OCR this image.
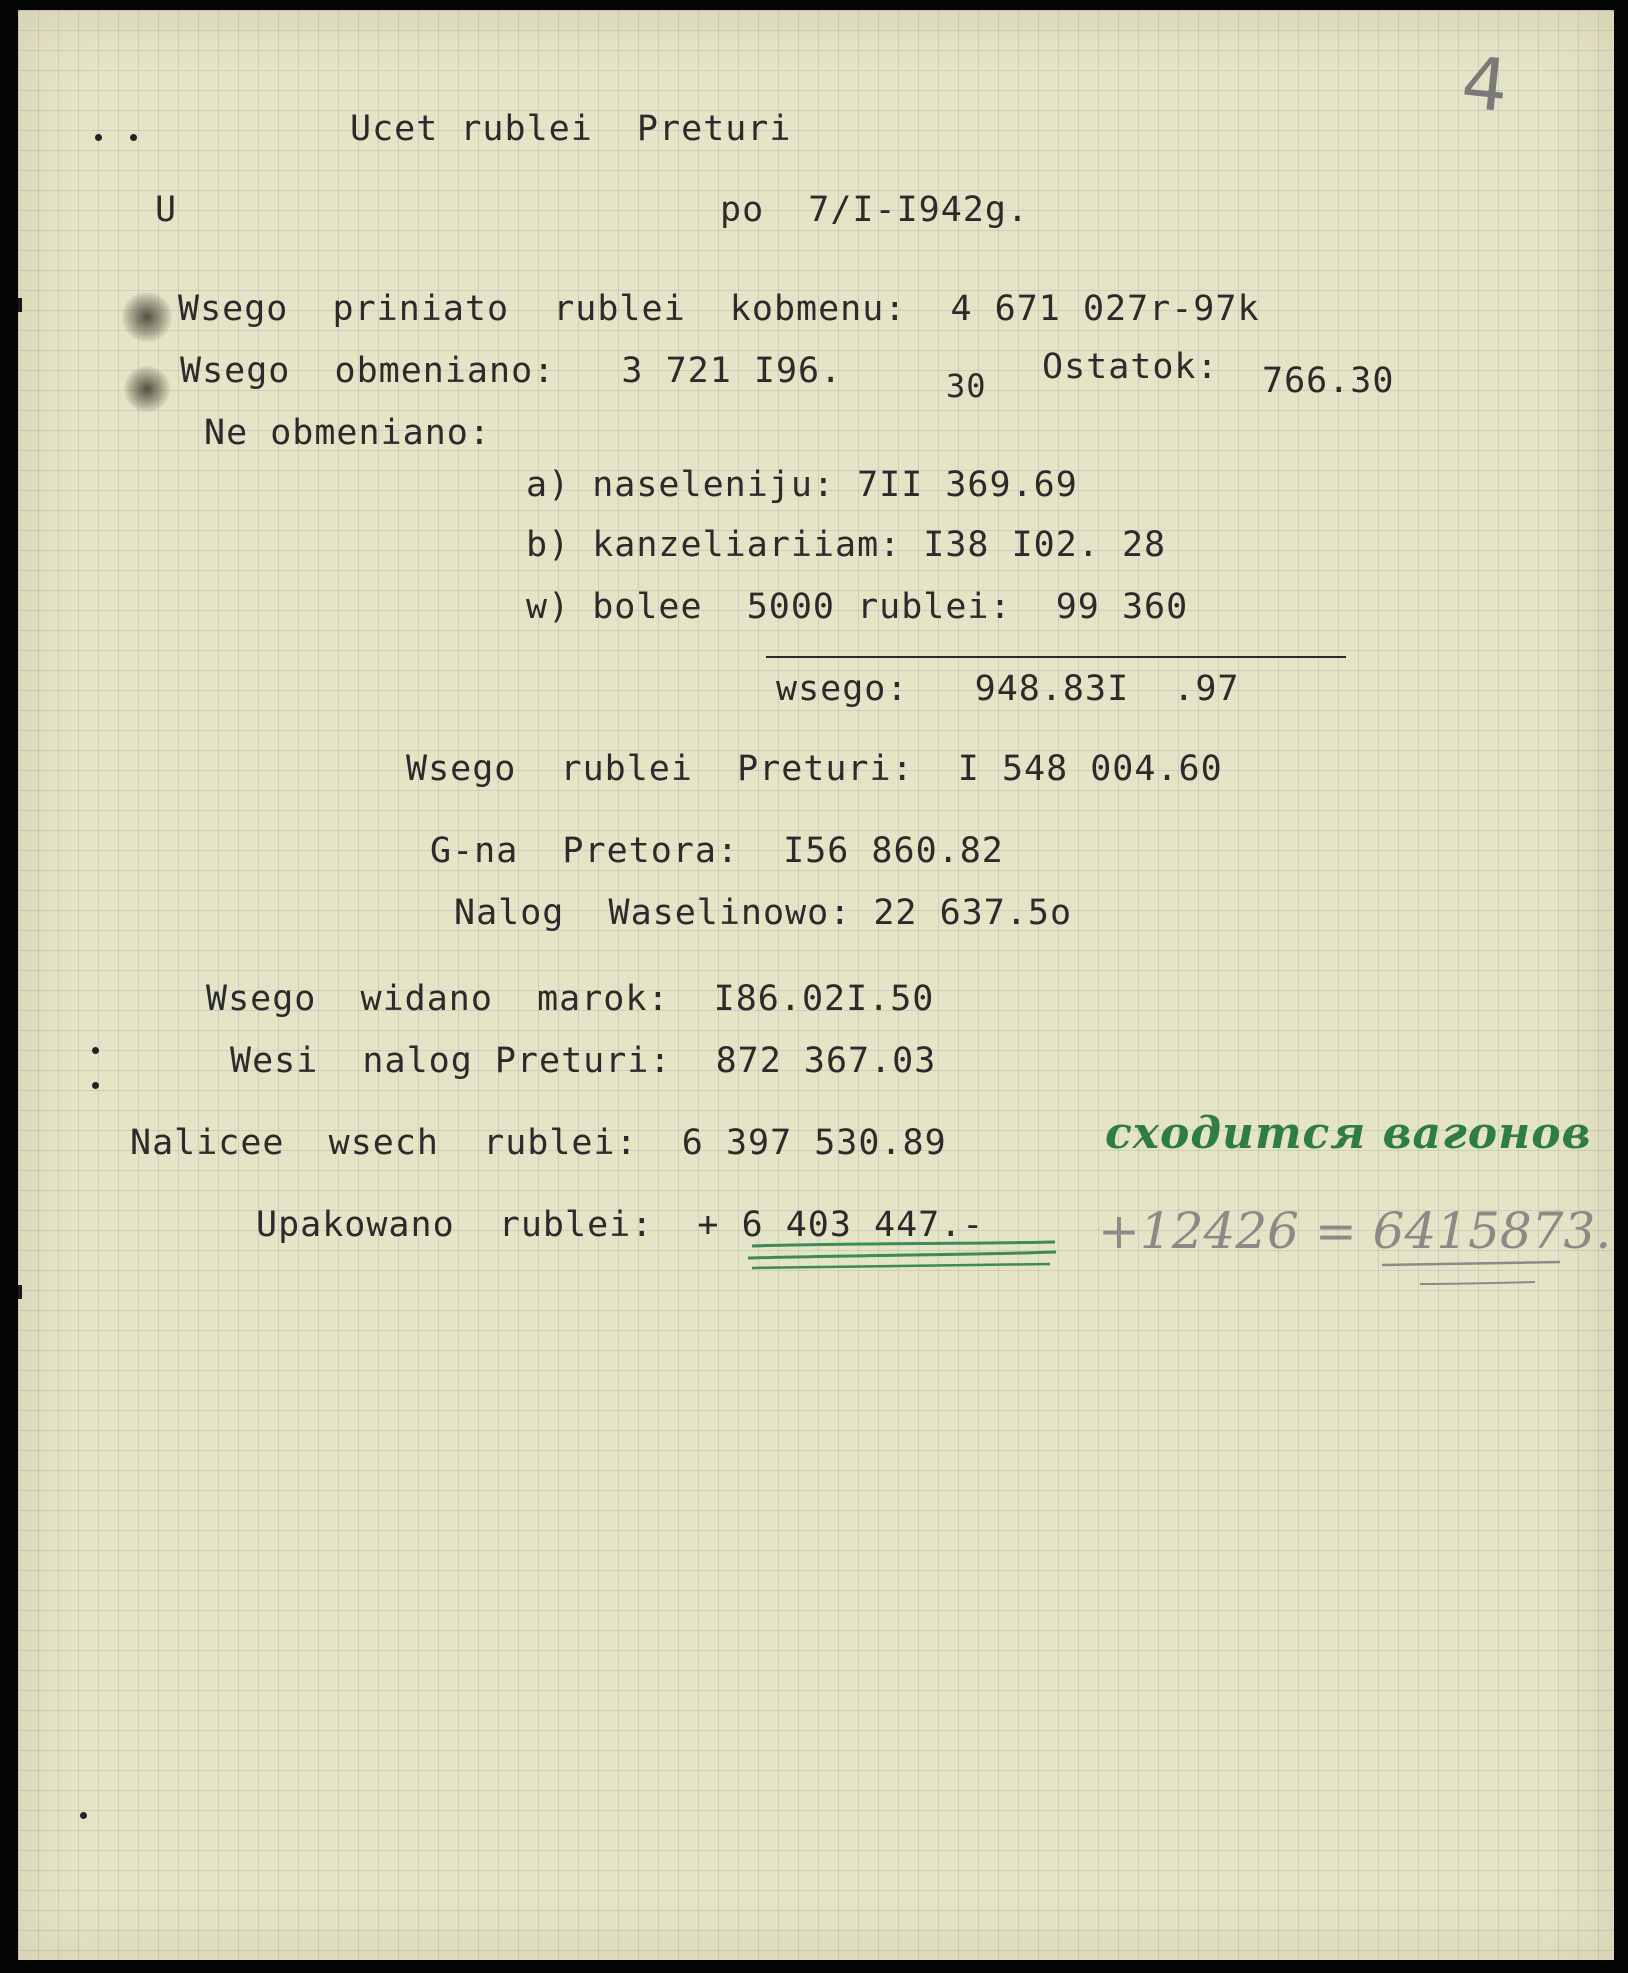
4
Ucet rublei  Preturi
U	po  7/I-I942g.
Wsego  priniato  rublei  kobmenu:  4 671 027r-97k
Wsego  obmeniano:   3 721 I96.	30 Ostatok: 766.30
Ne obmeniano:
a) naseleniju: 7II 369.69
b) kanzeliariiam: I38 I02. 28
w) bolee  5000 rublei:  99 360
wsego:   948.83I  .97
Wsego  rublei  Preturi:  I 548 004.60
G-na  Pretora:  I56 860.82
Nalog  Waselinowo: 22 637.5o
Wsego  widano  marok:  I86.02I.50
Wesi  nalog Preturi:  872 367.03
Nalicee  wsech  rublei:  6 397 530.89
Upakowano  rublei:  + 6 403 447.-
сходится вагонов
+12426 = 6415873.
